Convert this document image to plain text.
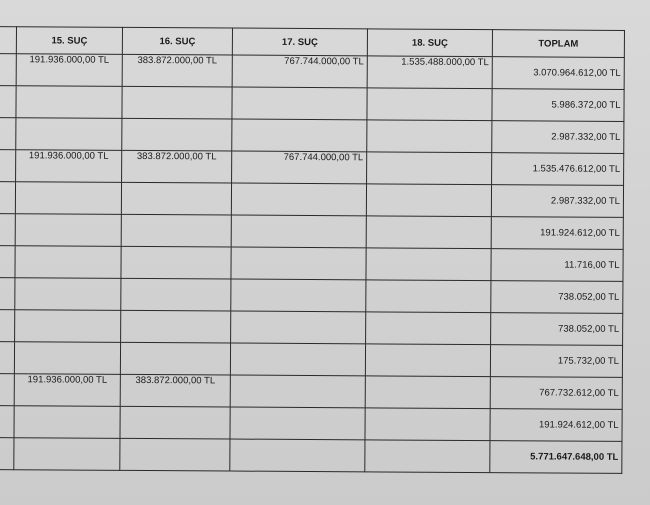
	15. SUÇ	16. SUÇ	17. SUÇ	18. SUÇ	TOPLAM
	191.936.000,00 TL	383.872.000,00 TL	767.744.000,00 TL	1.535.488.000,00 TL	3.070.964.612,00 TL
					5.986.372,00 TL
					2.987.332,00 TL
	191.936.000,00 TL	383.872.000,00 TL	767.744.000,00 TL		1.535.476.612,00 TL
					2.987.332,00 TL
					191.924.612,00 TL
					11.716,00 TL
					738.052,00 TL
					738.052,00 TL
					175.732,00 TL
	191.936.000,00 TL	383.872.000,00 TL			767.732.612,00 TL
					191.924.612,00 TL
					5.771.647.648,00 TL
